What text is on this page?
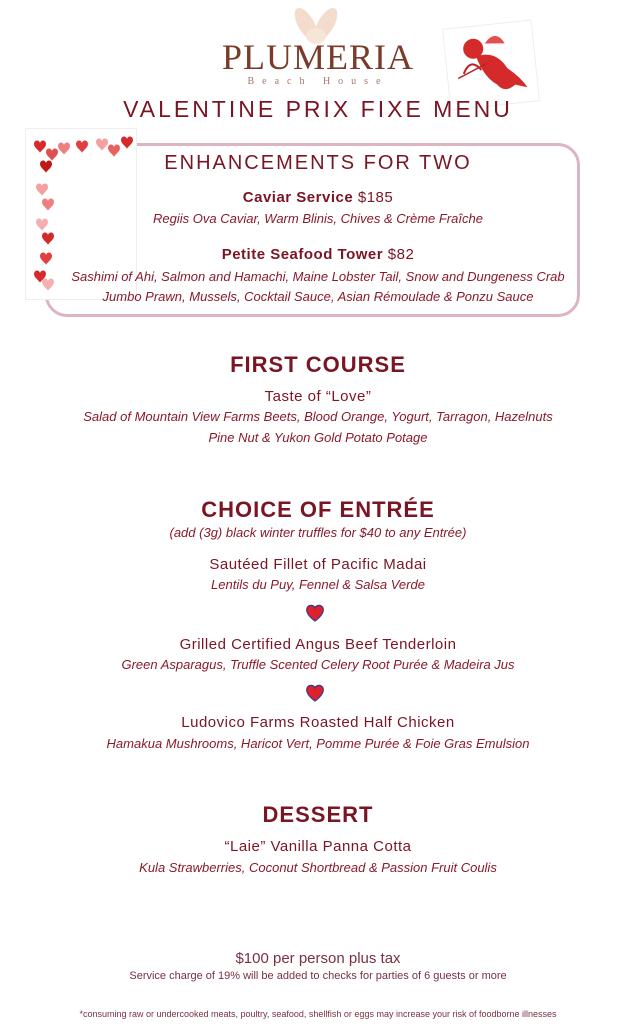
PLUMERIA
Beach House
VALENTINE PRIX FIXE MENU
ENHANCEMENTS FOR TWO
Caviar Service $185
Regiis Ova Caviar, Warm Blinis, Chives & Crème Fraîche
Petite Seafood Tower $82
Sashimi of Ahi, Salmon and Hamachi, Maine Lobster Tail, Snow and Dungeness Crab
Jumbo Prawn, Mussels, Cocktail Sauce, Asian Rémoulade & Ponzu Sauce
FIRST COURSE
Taste of “Love”
Salad of Mountain View Farms Beets, Blood Orange, Yogurt, Tarragon, Hazelnuts
Pine Nut & Yukon Gold Potato Potage
CHOICE OF ENTRÉE
(add (3g) black winter truffles for $40 to any Entrée)
Sautéed Fillet of Pacific Madai
Lentils du Puy, Fennel & Salsa Verde
Grilled Certified Angus Beef Tenderloin
Green Asparagus, Truffle Scented Celery Root Purée & Madeira Jus
Ludovico Farms Roasted Half Chicken
Hamakua Mushrooms, Haricot Vert, Pomme Purée & Foie Gras Emulsion
DESSERT
“Laie” Vanilla Panna Cotta
Kula Strawberries, Coconut Shortbread & Passion Fruit Coulis
$100 per person plus tax
Service charge of 19% will be added to checks for parties of 6 guests or more
*consuming raw or undercooked meats, poultry, seafood, shellfish or eggs may increase your risk of foodborne illnesses
